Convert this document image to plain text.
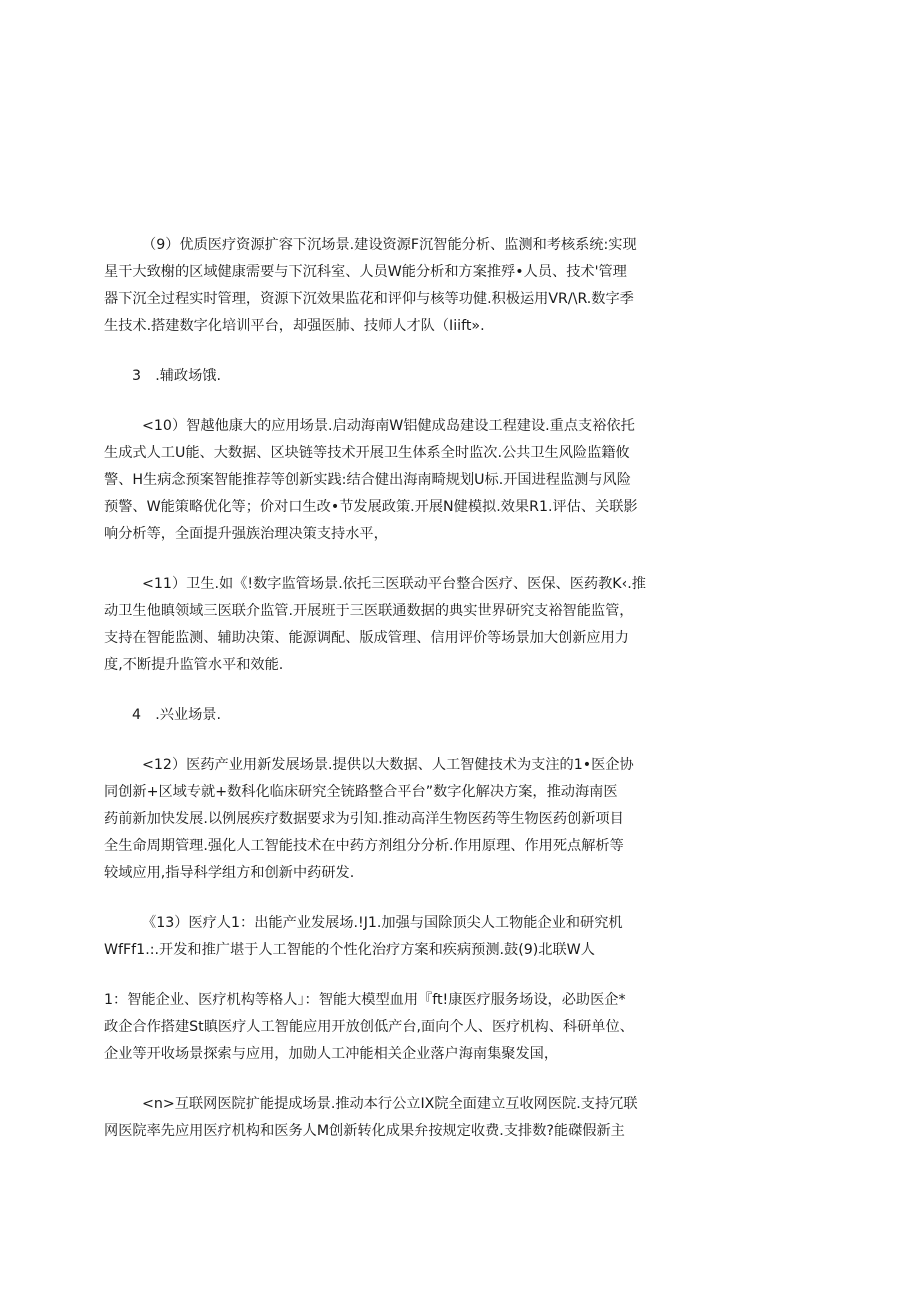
（9）优质医疗资源扩容下沉场景.建设资源F沉智能分析、监测和考核系统:实现
星干大致榭的区域健康需要与下沉科室、人员W能分析和方案推殍•人员、技术'管理
器下沉全过程实时管理，资源下沉效果监花和评仰与核等功健.积极运用VR/\R.数字季
生技术.搭建数字化培训平台，却强医肺、技师人才队（Iiift».
3　.辅政场饿.
<10）智越他康大的应用场景.启动海南W铝健成岛建设工程建设.重点支裕依托
生成式人工U能、大数据、区块链等技术开展卫生体系全时监次.公共卫生风险监籍攸
警、H生病念预案智能推荐等创新实践:结合健出海南畸规划U标.开国进程监测与风险
预警、W能策略优化等；价对口生改•节发展政策.开展N健模拟.效果R1.评估、关联影
响分析等，全面提升强族治理决策支持水平，
<11）卫生.如《!数字监管场景.依托三医联动平台整合医疗、医保、医药教K‹.推
动卫生他瞋领域三医联介监管.开展班于三医联通数据的典实世界研究支裕智能监管，
支持在智能监测、辅助决策、能源调配、版成管理、信用评价等场景加大创新应用力
度,不断提升监管水平和效能.
4　.兴业场景.
<12）医药产业用新发展场景.提供以大数据、人工智健技术为支注的1•医企协
同创新+区域专就+数科化临床研究全铳路整合平台”数字化解决方案，推动海南医
药前新加快发展.以例展疾疗数据要求为引知.推动高洋生物医药等生物医药创新项目
全生命周期管理.强化人工智能技术在中药方剂组分分析.作用原理、作用死点解析等
较域应用,指导科学组方和创新中药研发.
《13）医疗人1：出能产业发展场.!J1.加强与国除顶尖人工物能企业和研究机
WfFf1.:.开发和推广堪于人工智能的个性化治疗方案和疾病预测.鼓(9)北联W人
1：智能企业、医疗机构等格人」：智能大模型血用『ft!康医疗服务场设，必助医企*
政企合作搭建St瞋医疗人工智能应用开放创低产台,面向个人、医疗机构、科研单位、
企业等开收场景探索与应用，加勋人工冲能相关企业落户海南集聚发国，
<n>互联网医院扩能提成场景.推动本行公立IX院全面建立互收网医院.支持冗联
网医院率先应用医疗机构和医务人M创新转化成果弁按规定收费.支排数?能磔假新主
